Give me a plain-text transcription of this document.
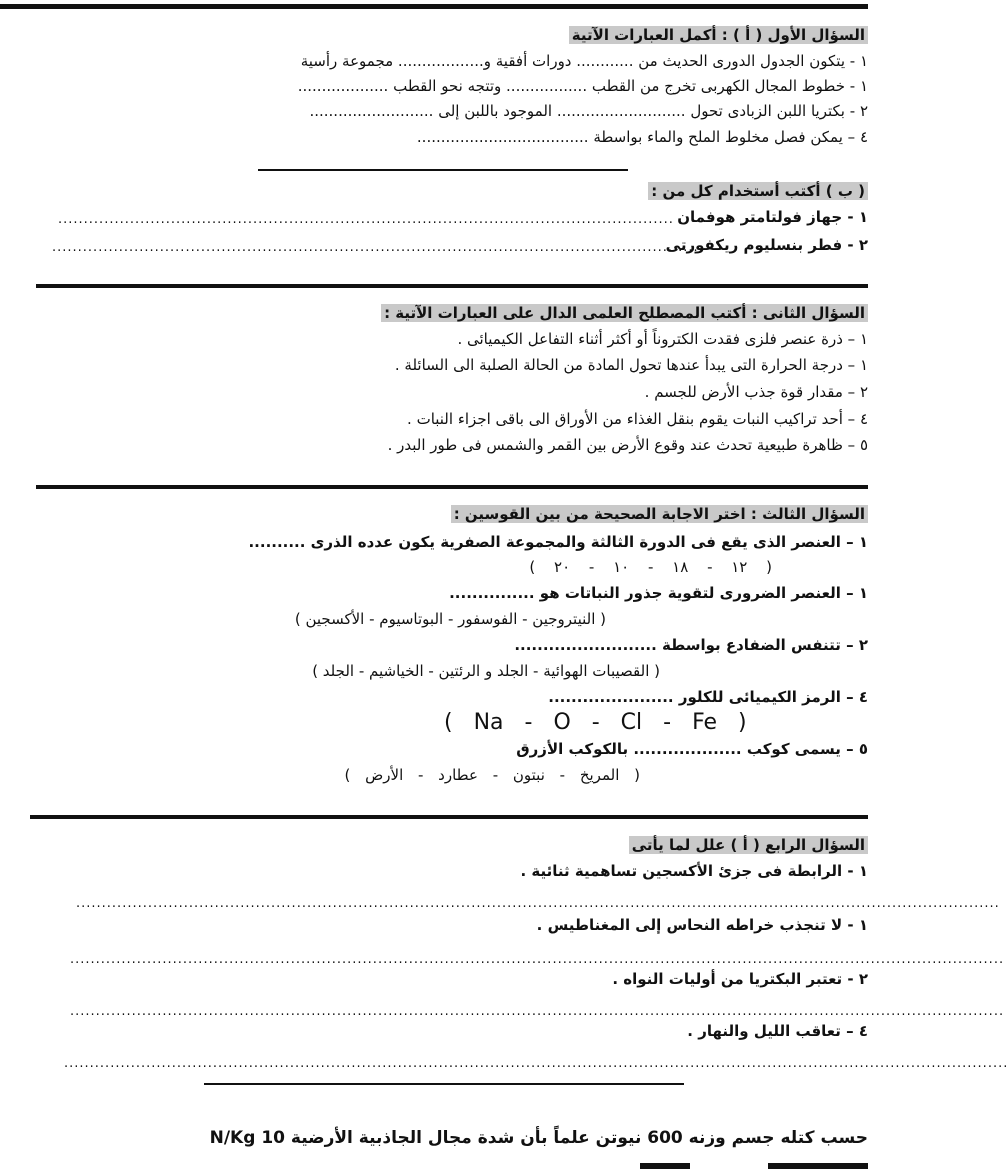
السؤال الأول ( أ ) : أكمل العبارات الآتية
١ - يتكون الجدول الدورى الحديث من ............ دورات أفقية و.................. مجموعة رأسية
١ - خطوط المجال الكهربى تخرج من القطب ................. وتتجه نحو القطب ...................
٢ - بكتريا اللبن الزبادى تحول ........................... الموجود باللبن إلى ..........................
٤ – يمكن فصل مخلوط الملح والماء بواسطة ....................................
( ب ) أكتب أستخدام كل من :
١ - جهاز فولتامتر هوفمان
........................................................................................................................
٢ - فطر بنسليوم ريكفورتى
..............................................................................................................................
السؤال الثانى : أكتب المصطلح العلمى الدال على العبارات الآتية :
١ – ذرة عنصر فلزى فقدت الكتروناً أو أكثر أثناء التفاعل الكيميائى .
١ – درجة الحرارة التى يبدأ عندها تحول المادة من الحالة الصلبة الى السائلة .
٢ – مقدار قوة جذب الأرض للجسم .
٤ – أحد تراكيب النبات يقوم بنقل الغذاء من الأوراق الى باقى اجزاء النبات .
٥ – ظاهرة طبيعية تحدث عند وقوع الأرض بين القمر والشمس فى طور البدر .
السؤال الثالث : اختر الاجابة الصحيحة من بين القوسين :
١ – العنصر الذى يقع فى الدورة الثالثة والمجموعة الصفرية يكون عدده الذرى ..........
( ١٢ - ١٨ - ١٠ - ٢٠ )
١ – العنصر الضرورى لتقوية جذور النباتات هو ...............
( النيتروجين - الفوسفور - البوتاسيوم - الأكسجين )
٢ – تتنفس الضفادع بواسطة .........................
( القصيبات الهوائية - الجلد و الرئتين - الخياشيم - الجلد )
٤ – الرمز الكيميائى للكلور ......................
( Na - O - Cl - Fe )
٥ – يسمى كوكب ................... بالكوكب الأزرق
( المريخ - نبتون - عطارد - الأرض )
السؤال الرابع ( أ ) علل لما يأتى
١ - الرابطة فى جزئ الأكسجين تساهمية ثنائية .
....................................................................................................................................................................................
١ - لا تنجذب خراطه النحاس إلى المغناطيس .
......................................................................................................................................................................................
٢ - تعتبر البكتريا من أوليات النواه .
......................................................................................................................................................................................
٤ – تعاقب الليل والنهار .
........................................................................................................................................................................................
حسب كتله جسم وزنه 600 نيوتن علماً بأن شدة مجال الجاذبية الأرضية 10 N/Kg
